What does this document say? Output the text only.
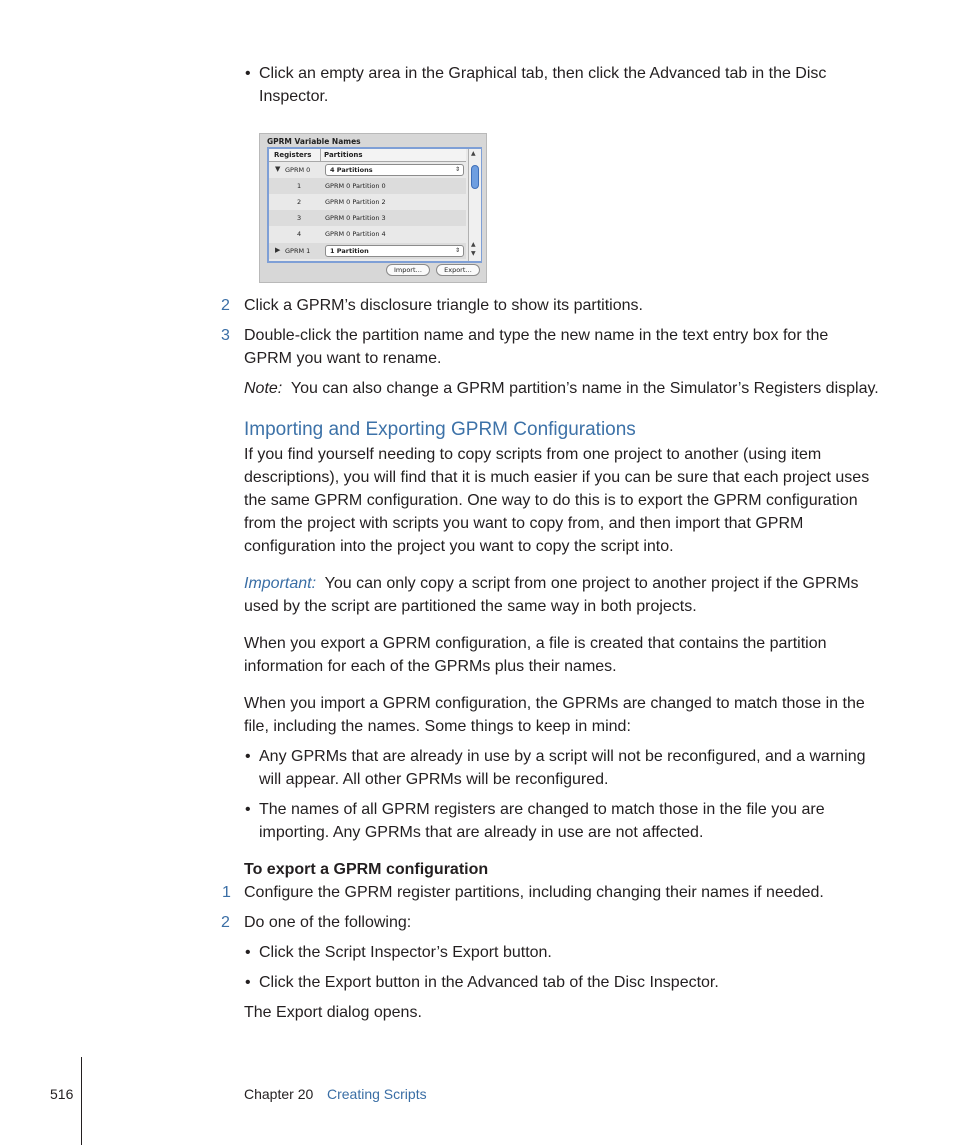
• Click an empty area in the Graphical tab, then click the Advanced tab in the Disc Inspector.
GPRM Variable Names
Registers Partitions
▼ GPRM 0	4 Partitions	⇕
1	GPRM 0 Partition 0
2	GPRM 0 Partition 2
3	GPRM 0 Partition 3
4	GPRM 0 Partition 4
▶ GPRM 1	1 Partition	⇕
▲
▲
▼
Import…	Export…
2 Click a GPRM’s disclosure triangle to show its partitions.
3 Double-click the partition name and type the new name in the text entry box for the GPRM you want to rename.
Note: You can also change a GPRM partition’s name in the Simulator’s Registers display.
Importing and Exporting GPRM Configurations
If you find yourself needing to copy scripts from one project to another (using item descriptions), you will find that it is much easier if you can be sure that each project uses the same GPRM configuration. One way to do this is to export the GPRM configuration from the project with scripts you want to copy from, and then import that GPRM configuration into the project you want to copy the script into.
Important: You can only copy a script from one project to another project if the GPRMs used by the script are partitioned the same way in both projects.
When you export a GPRM configuration, a file is created that contains the partition information for each of the GPRMs plus their names.
When you import a GPRM configuration, the GPRMs are changed to match those in the file, including the names. Some things to keep in mind:
• Any GPRMs that are already in use by a script will not be reconfigured, and a warning will appear. All other GPRMs will be reconfigured.
• The names of all GPRM registers are changed to match those in the file you are importing. Any GPRMs that are already in use are not affected.
To export a GPRM configuration
1 Configure the GPRM register partitions, including changing their names if needed.
2 Do one of the following:
• Click the Script Inspector’s Export button.
• Click the Export button in the Advanced tab of the Disc Inspector.
The Export dialog opens.
516	Chapter 20 Creating Scripts
